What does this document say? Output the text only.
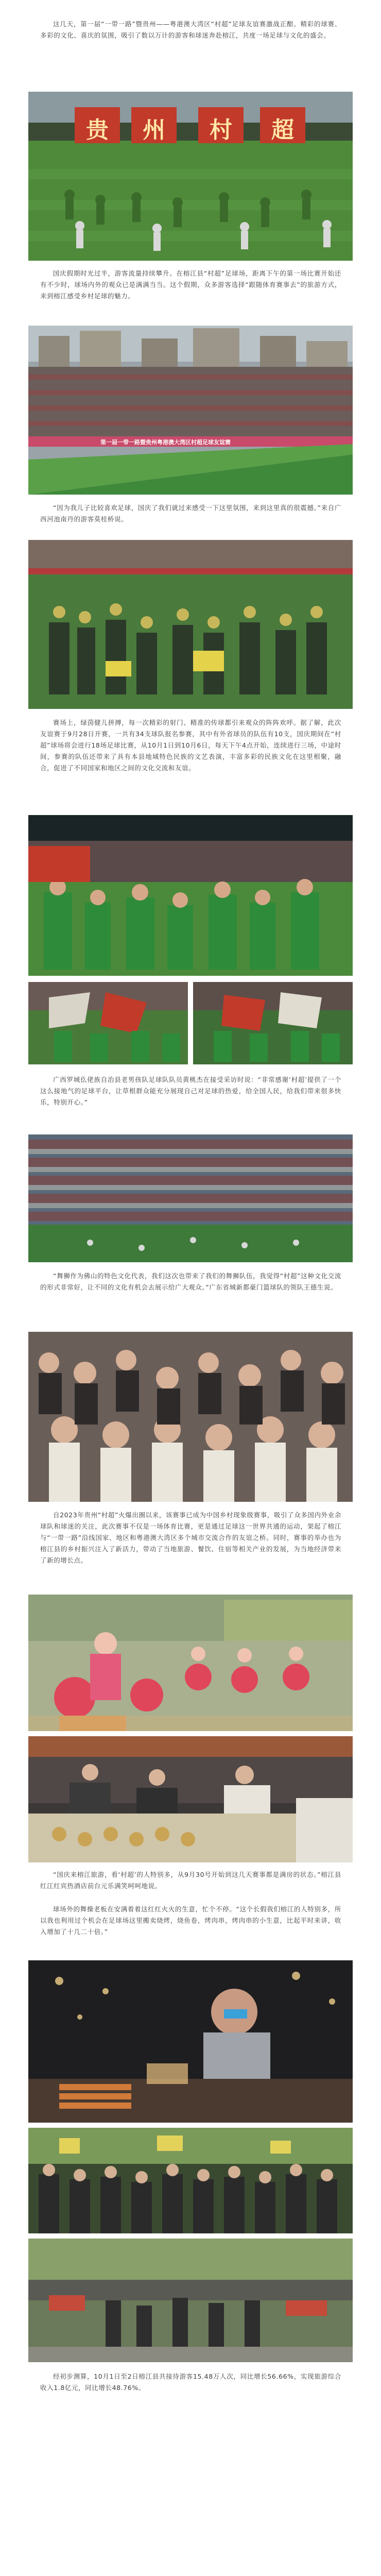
这几天，第一届“一带一路”暨贵州——粤港澳大湾区“村超”足球友谊赛激战正酣。精彩的球赛、多彩的文化、喜庆的氛围，吸引了数以万计的游客和球迷奔赴榕江，共度一场足球与文化的盛会。

贵 州 村 超

国庆假期时光过半，游客流量持续攀升。在榕江县“村超”足球场，距离下午的第一场比赛开始还有不少时，球场内外的观众已是满满当当。这个假期，众多游客选择“跟随体育赛事去”的旅游方式，来到榕江感受乡村足球的魅力。

第一届一带一路暨贵州粤港澳大湾区村超足球友谊赛

“因为我儿子比较喜欢足球，国庆了我们就过来感受一下这里氛围，来到这里真的很震撼。”来自广西河池南丹的游客莫桂桥说。

赛场上，绿茵健儿拼搏，每一次精彩的射门、精准的传球都引来观众的阵阵欢呼。据了解，此次友谊赛于9月28日开赛，一共有34支球队报名参赛，其中有外省球员的队伍有10支，国庆期间在“村超”球场将会进行18场足球比赛，从10月1日到10月6日，每天下午4点开始，连续进行三场，中途时间，参赛的队伍还带来了具有本县地域特色民族的文艺表演，丰富多彩的民族文化在这里相聚，融合，促进了不同国家和地区之间的文化交流和友谊。

广西罗城仫佬族自治县老男孩队足球队队员黄桃杰在接受采访时说：“非常感谢‘村超’提供了一个这么接地气的足球平台，让草根群众能充分展现自己对足球的热爱，给全国人民，给我们带来很多快乐，特别开心。”

“舞狮作为佛山的特色文化代表，我们这次也带来了我们的舞狮队伍，我觉得“村超”这种文化交流的形式非常好，让不同的文化有机会去展示给广大观众。”广东省城新都豪门篮球队的领队王德生说。

自2023年贵州“村超”火爆出圈以来，该赛事已成为中国乡村现象级赛事，吸引了众多国内外业余球队和球迷的关注，此次赛事不仅是一场体育比赛，更是通过足球这一世界共通的运动，架起了榕江与“一带一路”沿线国家、地区和粤港澳大湾区多个城市交流合作的友谊之桥。同时，赛事的举办也为榕江县的乡村振兴注入了新活力，带动了当地旅游、餐饮、住宿等相关产业的发展，为当地经济带来了新的增长点。

“国庆来榕江旅游，看‘村超’的人特别多，从9月30号开始到这几天赛事都是满房的状态。”榕江县红江红宾热酒店前台元乐满笑呵呵地说。

球场外的舞操老板在安满着着这红红火火的生意，忙个不停。“这个长假我们榕江的人特别多，所以我也利用过个机会在足球场这里搬卖烧烤，烧鱼卷，烤肉串，烤肉串的小生意，比起平时来讲，收入增加了十几二十倍。”

经初步测算，10月1日至2日榕江县共接待游客15.48万人次，同比增长56.66%，实现旅游综合收入1.8亿元，同比增长48.76%。
